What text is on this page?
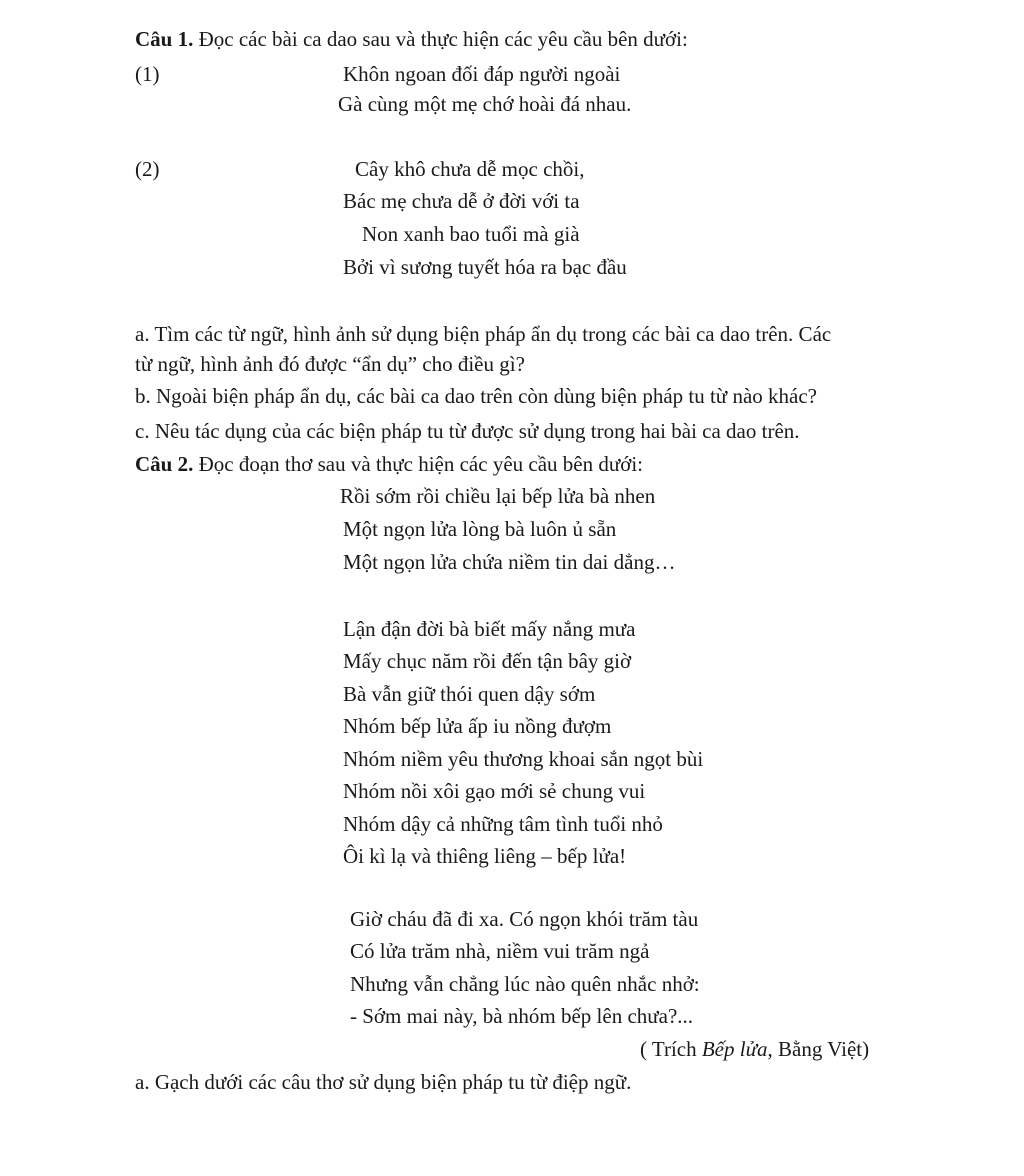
Câu 1. Đọc các bài ca dao sau và thực hiện các yêu cầu bên dưới:
(1)	Khôn ngoan đối đáp người ngoài
Gà cùng một mẹ chớ hoài đá nhau.
(2)	Cây khô chưa dễ mọc chồi,
Bác mẹ chưa dễ ở đời với ta
Non xanh bao tuổi mà già
Bởi vì sương tuyết hóa ra bạc đầu
a. Tìm các từ ngữ, hình ảnh sử dụng biện pháp ẩn dụ trong các bài ca dao trên. Các
từ ngữ, hình ảnh đó được “ẩn dụ” cho điều gì?
b. Ngoài biện pháp ẩn dụ, các bài ca dao trên còn dùng biện pháp tu từ nào khác?
c. Nêu tác dụng của các biện pháp tu từ được sử dụng trong hai bài ca dao trên.
Câu 2. Đọc đoạn thơ sau và thực hiện các yêu cầu bên dưới:
Rồi sớm rồi chiều lại bếp lửa bà nhen
Một ngọn lửa lòng bà luôn ủ sẵn
Một ngọn lửa chứa niềm tin dai dẳng…
Lận đận đời bà biết mấy nắng mưa
Mấy chục năm rồi đến tận bây giờ
Bà vẫn giữ thói quen dậy sớm
Nhóm bếp lửa ấp iu nồng đượm
Nhóm niềm yêu thương khoai sắn ngọt bùi
Nhóm nồi xôi gạo mới sẻ chung vui
Nhóm dậy cả những tâm tình tuổi nhỏ
Ôi kì lạ và thiêng liêng – bếp lửa!
Giờ cháu đã đi xa. Có ngọn khói trăm tàu
Có lửa trăm nhà, niềm vui trăm ngả
Nhưng vẫn chẳng lúc nào quên nhắc nhở:
- Sớm mai này, bà nhóm bếp lên chưa?...
( Trích Bếp lửa, Bằng Việt)
a. Gạch dưới các câu thơ sử dụng biện pháp tu từ điệp ngữ.
